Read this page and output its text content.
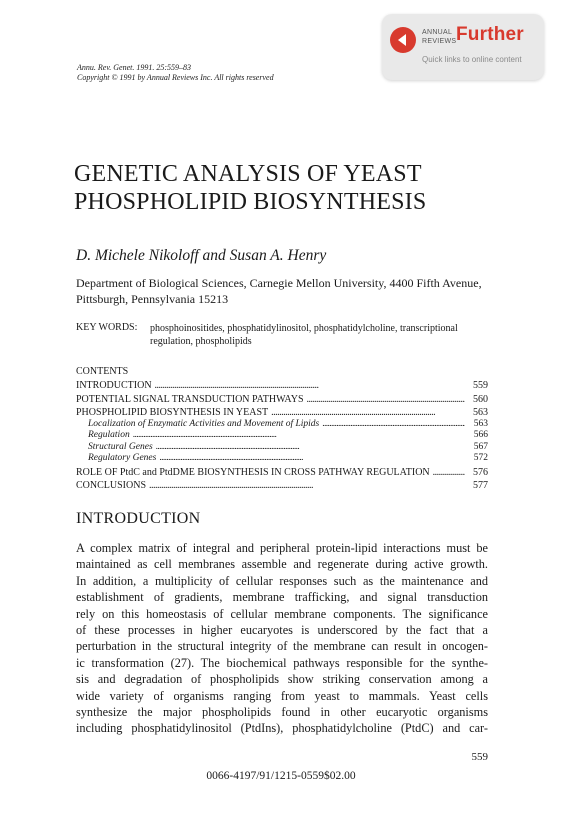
ANNUAL
REVIEWS Further
Quick links to online content
Annu. Rev. Genet. 1991. 25:559–83
Copyright © 1991 by Annual Reviews Inc. All rights reserved
GENETIC ANALYSIS OF YEAST
PHOSPHOLIPID BIOSYNTHESIS
D. Michele Nikoloff and Susan A. Henry
Department of Biological Sciences, Carnegie Mellon University, 4400 Fifth Avenue,
Pittsburgh, Pennsylvania 15213
KEY WORDS: phosphoinositides, phosphatidylinositol, phosphatidylcholine, transcriptional
regulation, phospholipids
CONTENTS
INTRODUCTION . . .	559
POTENTIAL SIGNAL TRANSDUCTION PATHWAYS . . .	560
PHOSPHOLIPID BIOSYNTHESIS IN YEAST . . .	563
Localization of Enzymatic Activities and Movement of Lipids . . .	563
Regulation . . .	566
Structural Genes . . .	567
Regulatory Genes . . .	572
ROLE OF PtdC and PtdDME BIOSYNTHESIS IN CROSS PATHWAY REGULATION . . .	576
CONCLUSIONS . . .	577
INTRODUCTION
A complex matrix of integral and peripheral protein-lipid interactions must be
maintained as cell membranes assemble and regenerate during active growth.
In addition, a multiplicity of cellular responses such as the maintenance and
establishment of gradients, membrane trafficking, and signal transduction
rely on this homeostasis of cellular membrane components. The significance
of these processes in higher eucaryotes is underscored by the fact that a
perturbation in the structural integrity of the membrane can result in oncogen-
ic transformation (27). The biochemical pathways responsible for the synthe-
sis and degradation of phospholipids show striking conservation among a
wide variety of organisms ranging from yeast to mammals. Yeast cells
synthesize the major phospholipids found in other eucaryotic organisms
including phosphatidylinositol (PtdIns), phosphatidylcholine (PtdC) and car-
559
0066-4197/91/1215-0559$02.00
